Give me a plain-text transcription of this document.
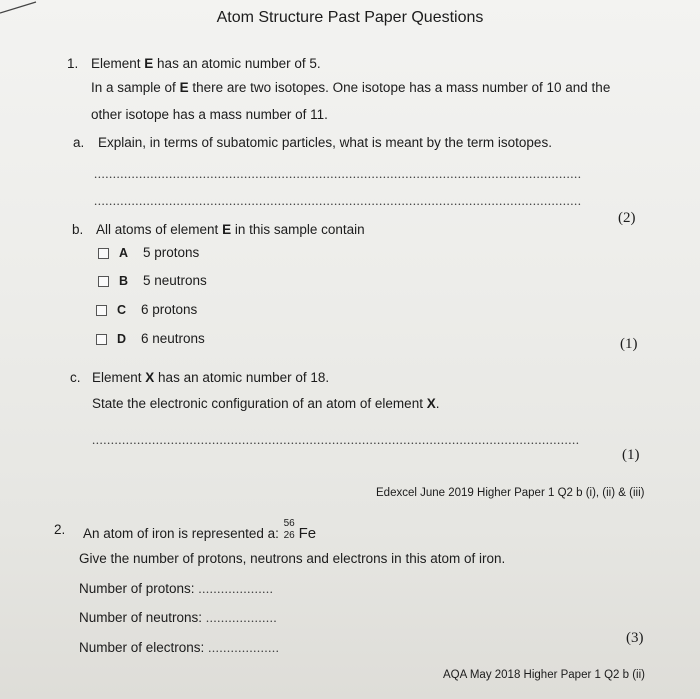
Atom Structure Past Paper Questions
1. Element E has an atomic number of 5.
In a sample of E there are two isotopes. One isotope has a mass number of 10 and the
other isotope has a mass number of 11.
a. Explain, in terms of subatomic particles, what is meant by the term isotopes.
..................................................................................................................................
..................................................................................................................................
(2)
b. All atoms of element E in this sample contain
A 5 protons
B 5 neutrons
C 6 protons
D 6 neutrons	(1)
c. Element X has an atomic number of 18.
State the electronic configuration of an atom of element X.
..................................................................................................................................
(1)
Edexcel June 2019 Higher Paper 1 Q2 b (i), (ii) & (iii)
2. An atom of iron is represented a:
56
26 Fe
Give the number of protons, neutrons and electrons in this atom of iron.
Number of protons: ....................
Number of neutrons: ...................
Number of electrons: ...................
(3)
AQA May 2018 Higher Paper 1 Q2 b (ii)
